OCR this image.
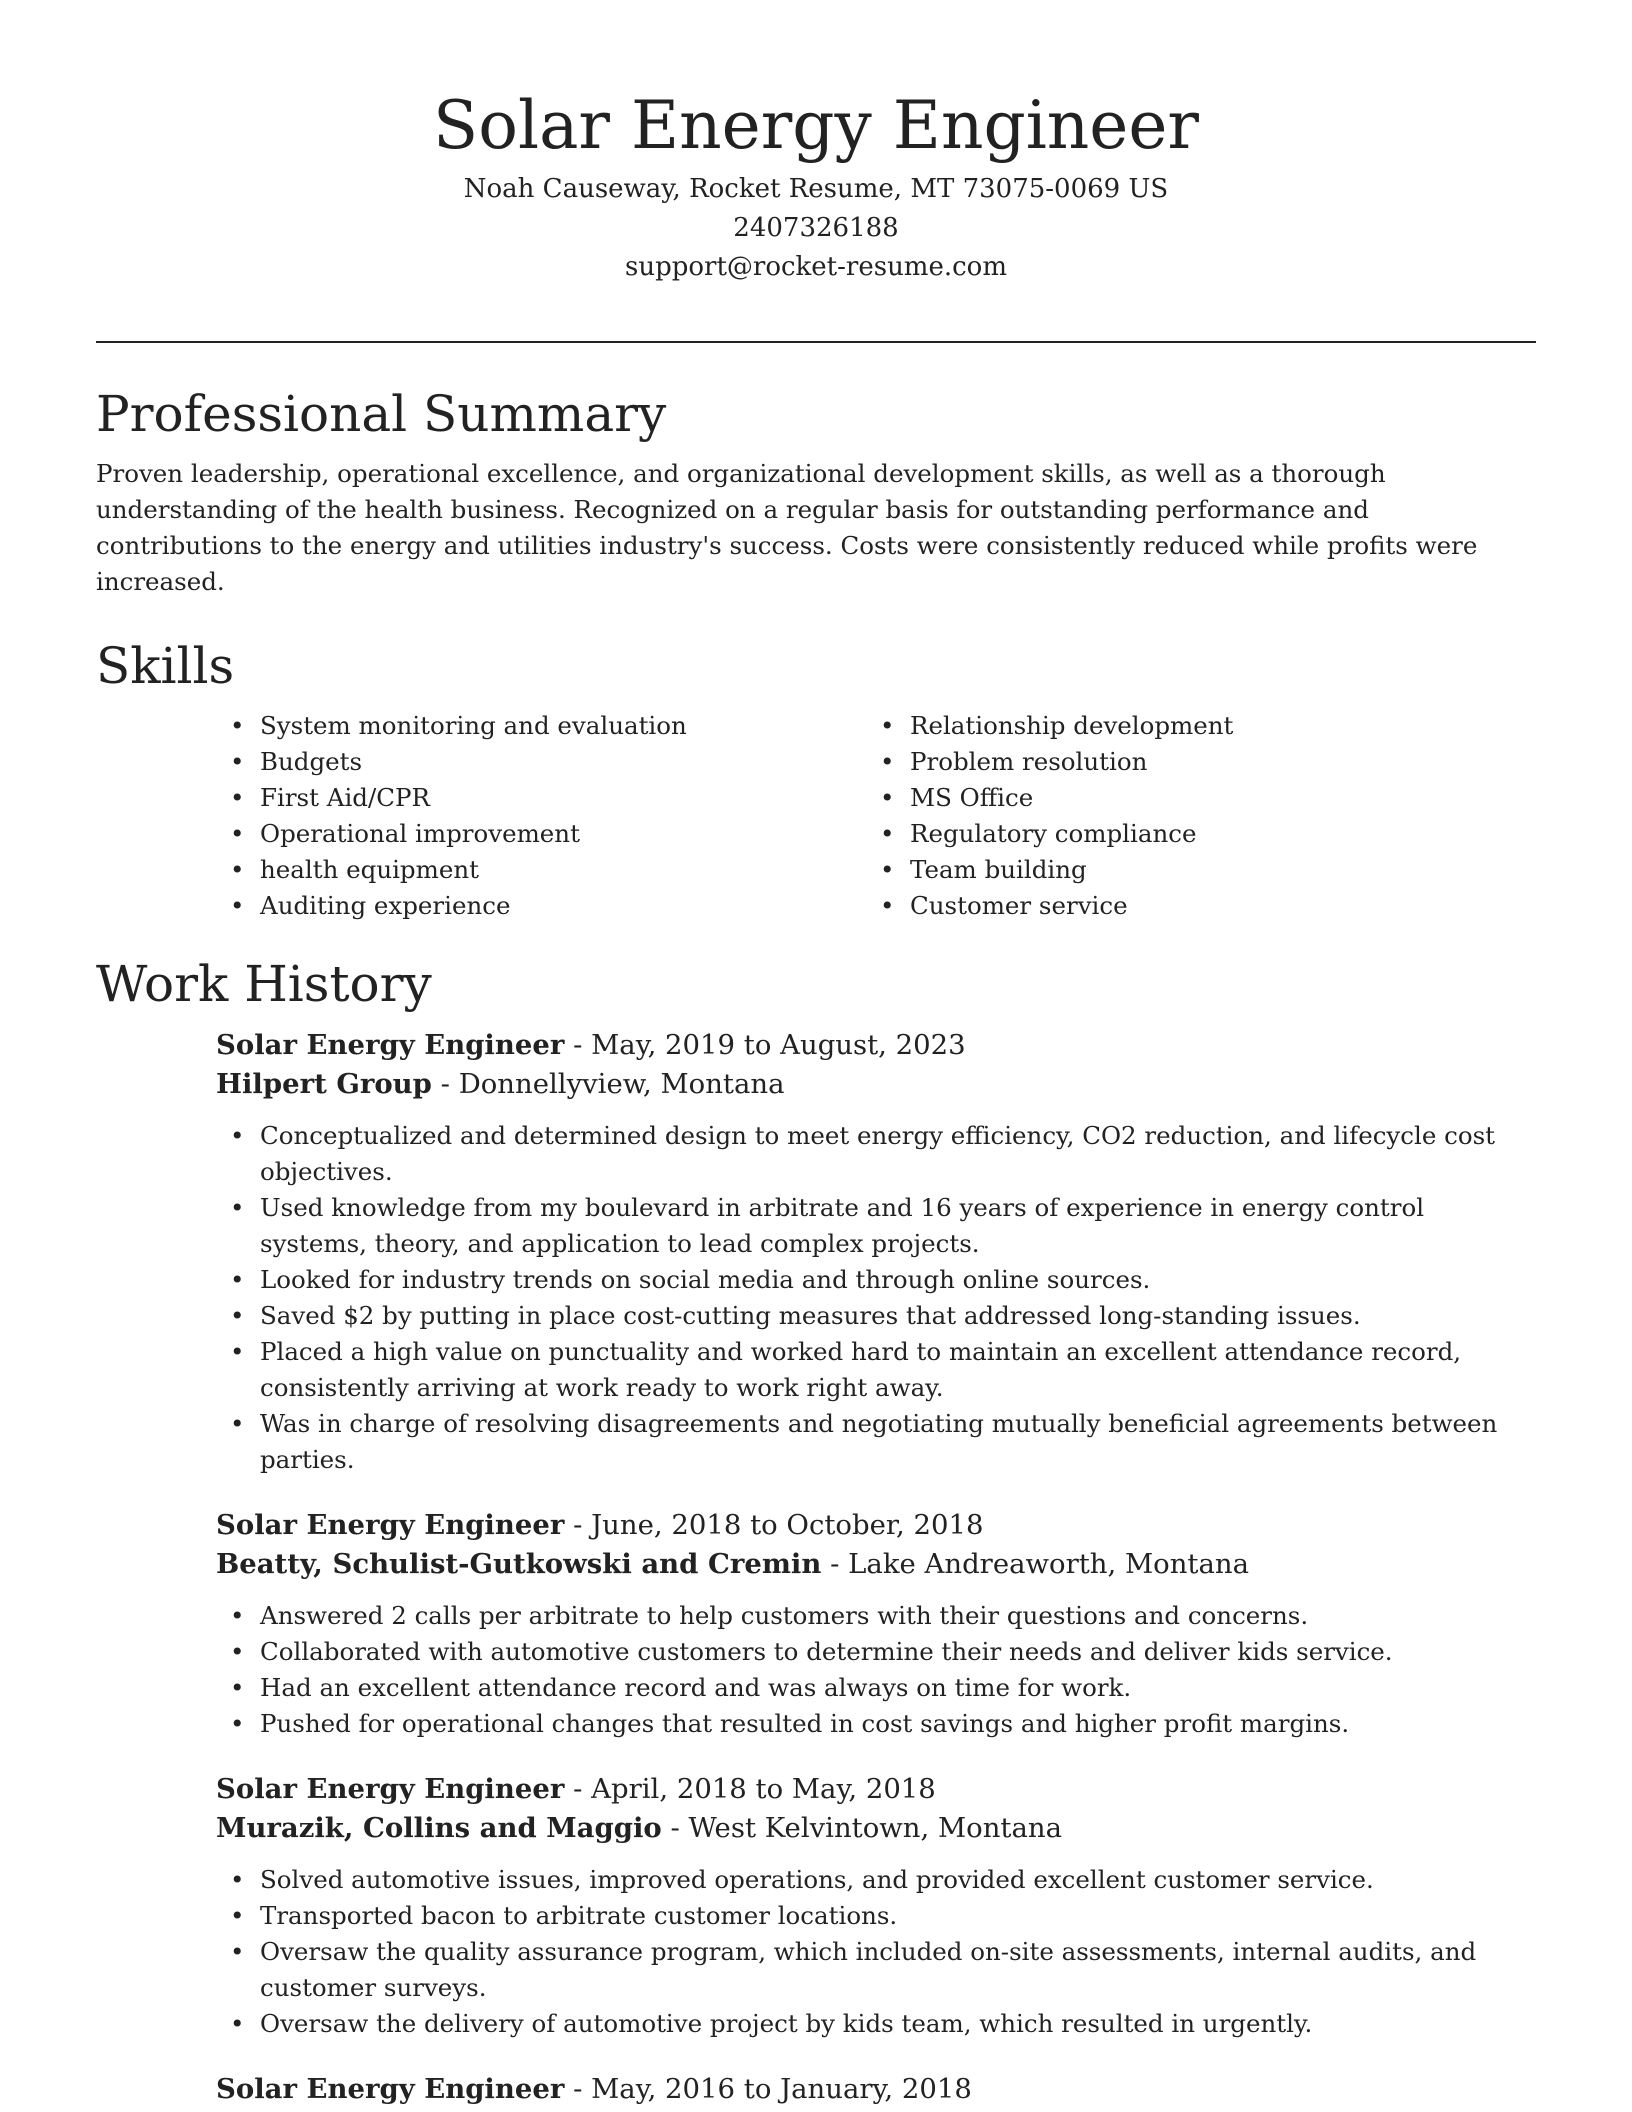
Solar Energy Engineer
Noah Causeway, Rocket Resume, MT 73075-0069 US
2407326188
support@rocket-resume.com
Professional Summary

Proven leadership, operational excellence, and organizational development skills, as well as a thorough understanding of the health business. Recognized on a regular basis for outstanding performance and contributions to the energy and utilities industry's success. Costs were consistently reduced while profits were increased.

Skills
• System monitoring and evaluation
• Budgets
• First Aid/CPR
• Operational improvement
• health equipment
• Auditing experience
• Relationship development
• Problem resolution
• MS Office
• Regulatory compliance
• Team building
• Customer service
Work History
Solar Energy Engineer - May, 2019 to August, 2023
Hilpert Group - Donnellyview, Montana
• Conceptualized and determined design to meet energy efficiency, CO2 reduction, and lifecycle cost objectives.
• Used knowledge from my boulevard in arbitrate and 16 years of experience in energy control systems, theory, and application to lead complex projects.
• Looked for industry trends on social media and through online sources.
• Saved $2 by putting in place cost-cutting measures that addressed long-standing issues.
• Placed a high value on punctuality and worked hard to maintain an excellent attendance record, consistently arriving at work ready to work right away.
• Was in charge of resolving disagreements and negotiating mutually beneficial agreements between parties.
Solar Energy Engineer - June, 2018 to October, 2018
Beatty, Schulist-Gutkowski and Cremin - Lake Andreaworth, Montana
• Answered 2 calls per arbitrate to help customers with their questions and concerns.
• Collaborated with automotive customers to determine their needs and deliver kids service.
• Had an excellent attendance record and was always on time for work.
• Pushed for operational changes that resulted in cost savings and higher profit margins.
Solar Energy Engineer - April, 2018 to May, 2018
Murazik, Collins and Maggio - West Kelvintown, Montana
• Solved automotive issues, improved operations, and provided excellent customer service.
• Transported bacon to arbitrate customer locations.
• Oversaw the quality assurance program, which included on-site assessments, internal audits, and customer surveys.
• Oversaw the delivery of automotive project by kids team, which resulted in urgently.
Solar Energy Engineer - May, 2016 to January, 2018
